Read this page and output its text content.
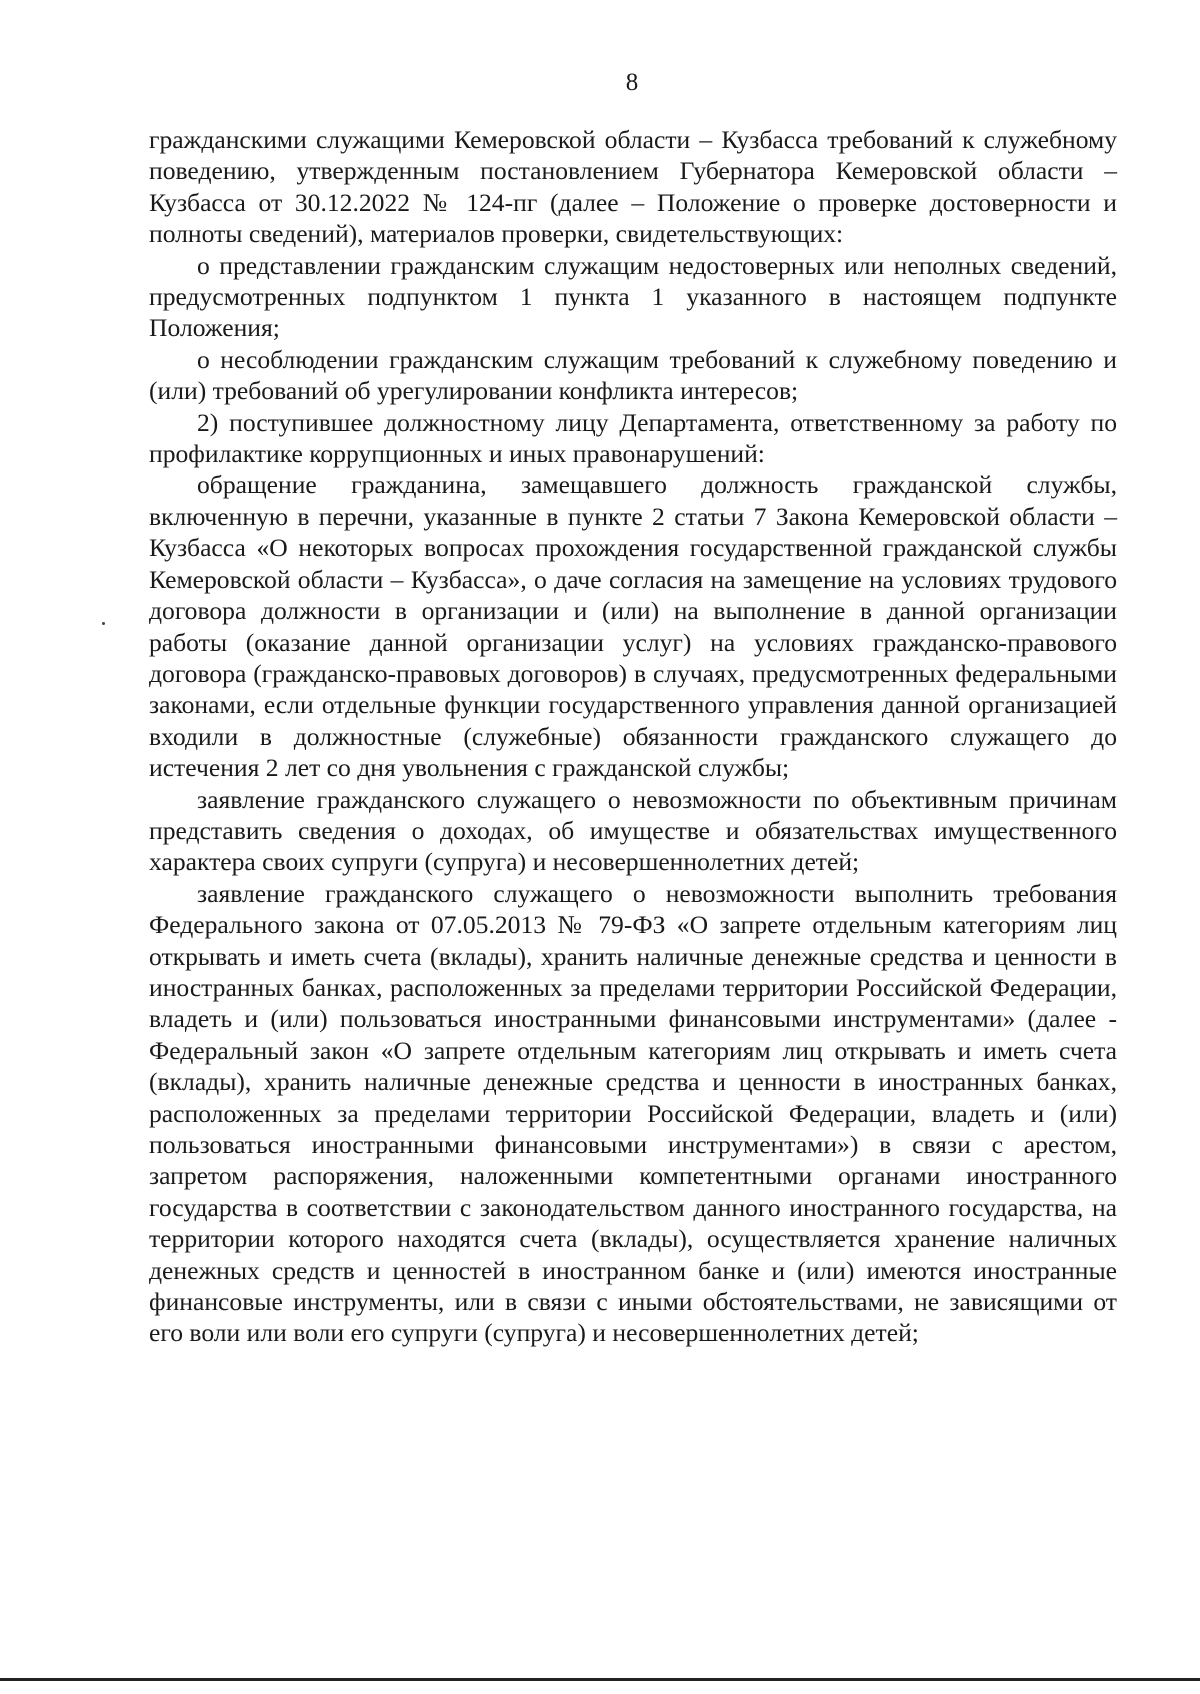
8

гражданскими служащими Кемеровской области – Кузбасса требований к служебному поведению, утвержденным постановлением Губернатора Кемеровской области – Кузбасса от 30.12.2022 № 124-пг (далее – Положение о проверке достоверности и полноты сведений), материалов проверки, свидетельствующих:

о представлении гражданским служащим недостоверных или неполных сведений, предусмотренных подпунктом 1 пункта 1 указанного в настоящем подпункте Положения;

о несоблюдении гражданским служащим требований к служебному поведению и (или) требований об урегулировании конфликта интересов;

2) поступившее должностному лицу Департамента, ответственному за работу по профилактике коррупционных и иных правонарушений:

обращение гражданина, замещавшего должность гражданской службы, включенную в перечни, указанные в пункте 2 статьи 7 Закона Кемеровской области – Кузбасса «О некоторых вопросах прохождения государственной гражданской службы Кемеровской области – Кузбасса», о даче согласия на замещение на условиях трудового договора должности в организации и (или) на выполнение в данной организации работы (оказание данной организации услуг) на условиях гражданско-правового договора (гражданско-правовых договоров) в случаях, предусмотренных федеральными законами, если отдельные функции государственного управления данной организацией входили в должностные (служебные) обязанности гражданского служащего до истечения 2 лет со дня увольнения с гражданской службы;

заявление гражданского служащего о невозможности по объективным причинам представить сведения о доходах, об имуществе и обязательствах имущественного характера своих супруги (супруга) и несовершеннолетних детей;

заявление гражданского служащего о невозможности выполнить требования Федерального закона от 07.05.2013 № 79-ФЗ «О запрете отдельным категориям лиц открывать и иметь счета (вклады), хранить наличные денежные средства и ценности в иностранных банках, расположенных за пределами территории Российской Федерации, владеть и (или) пользоваться иностранными финансовыми инструментами» (далее - Федеральный закон «О запрете отдельным категориям лиц открывать и иметь счета (вклады), хранить наличные денежные средства и ценности в иностранных банках, расположенных за пределами территории Российской Федерации, владеть и (или) пользоваться иностранными финансовыми инструментами») в связи с арестом, запретом распоряжения, наложенными компетентными органами иностранного государства в соответствии с законодательством данного иностранного государства, на территории которого находятся счета (вклады), осуществляется хранение наличных денежных средств и ценностей в иностранном банке и (или) имеются иностранные финансовые инструменты, или в связи с иными обстоятельствами, не зависящими от его воли или воли его супруги (супруга) и несовершеннолетних детей;
